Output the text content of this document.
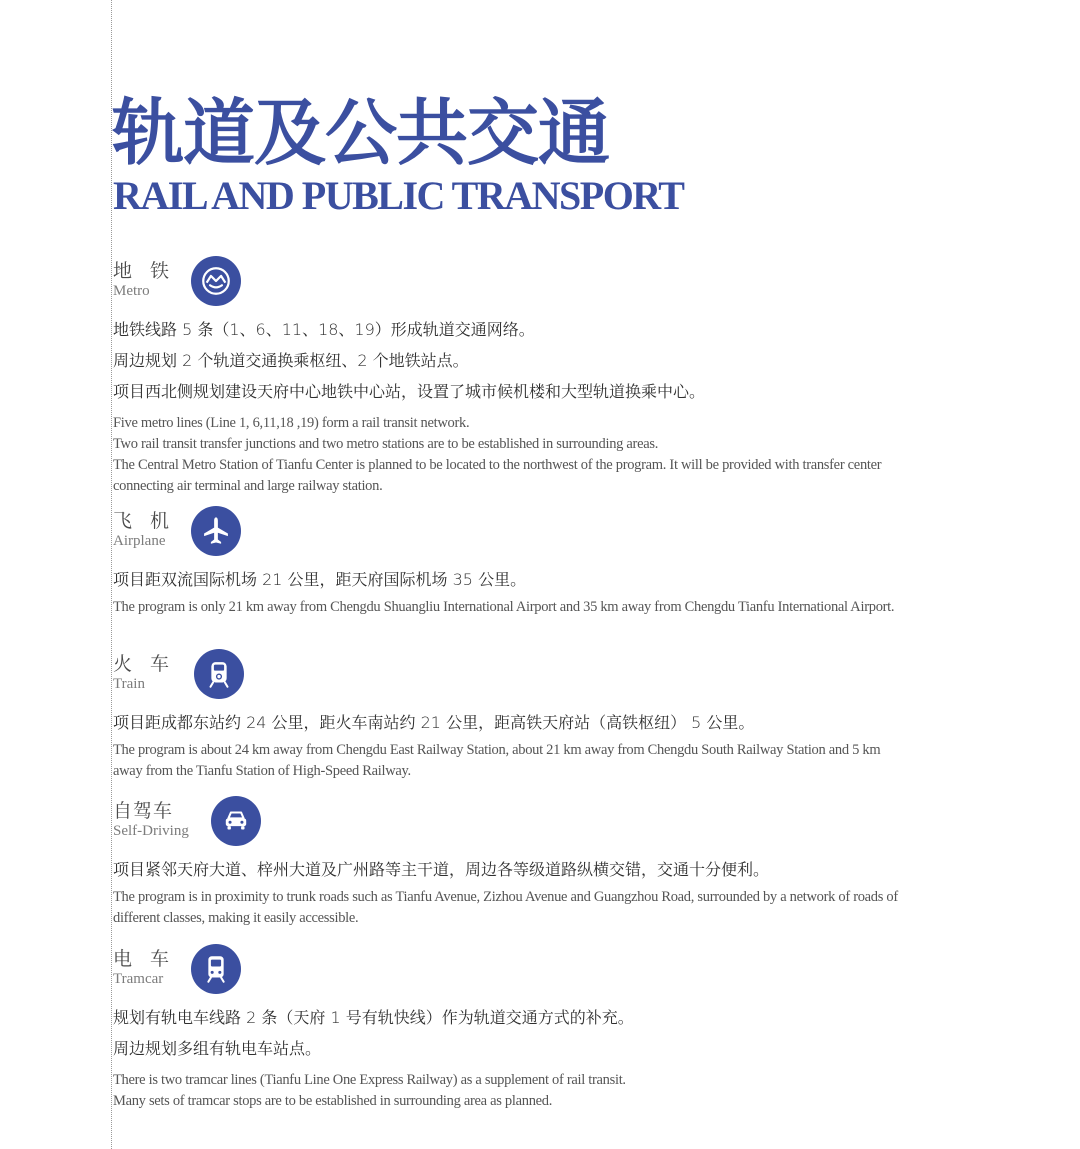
轨道及公共交通
RAIL AND PUBLIC TRANSPORT
地 铁
Metro

地铁线路 5 条（1、6、11、18、19）形成轨道交通网络。

周边规划 2 个轨道交通换乘枢纽、2 个地铁站点。

项目西北侧规划建设天府中心地铁中心站，设置了城市候机楼和大型轨道换乘中心。

Five metro lines (Line 1, 6,11,18 ,19) form a rail transit network.
Two rail transit transfer junctions and two metro stations are to be established in surrounding areas.
The Central Metro Station of Tianfu Center is planned to be located to the northwest of the program. It will be provided with transfer center connecting air terminal and large railway station.

飞 机
Airplane

项目距双流国际机场 21 公里，距天府国际机场 35 公里。

The program is only 21 km away from Chengdu Shuangliu International Airport and 35 km away from Chengdu Tianfu International Airport.

火 车
Train

项目距成都东站约 24 公里，距火车南站约 21 公里，距高铁天府站（高铁枢纽） 5 公里。

The program is about 24 km away from Chengdu East Railway Station, about 21 km away from Chengdu South Railway Station and 5 km away from the Tianfu Station of High-Speed Railway.

自驾车
Self-Driving

项目紧邻天府大道、梓州大道及广州路等主干道，周边各等级道路纵横交错，交通十分便利。

The program is in proximity to trunk roads such as Tianfu Avenue, Zizhou Avenue and Guangzhou Road, surrounded by a network of roads of different classes, making it easily accessible.

电 车
Tramcar

规划有轨电车线路 2 条（天府 1 号有轨快线）作为轨道交通方式的补充。

周边规划多组有轨电车站点。

There is two tramcar lines (Tianfu Line One Express Railway) as a supplement of rail transit.
Many sets of tramcar stops are to be established in surrounding area as planned.
